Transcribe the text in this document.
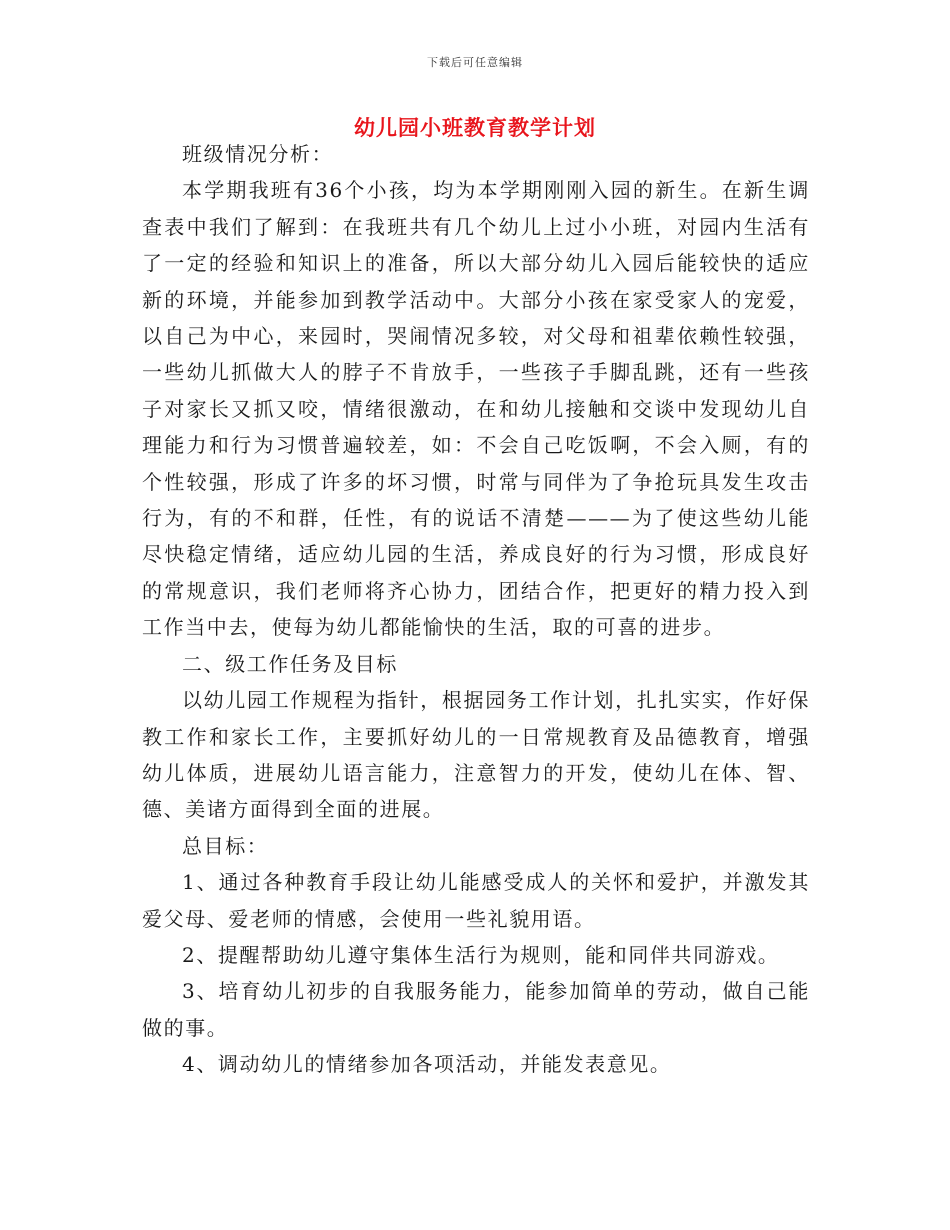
下载后可任意编辑
幼儿园小班教育教学计划

班级情况分析：

本学期我班有36个小孩，均为本学期刚刚入园的新生。在新生调查表中我们了解到：在我班共有几个幼儿上过小小班，对园内生活有了一定的经验和知识上的准备，所以大部分幼儿入园后能较快的适应新的环境，并能参加到教学活动中。大部分小孩在家受家人的宠爱，以自己为中心，来园时，哭闹情况多较，对父母和祖辈依赖性较强，一些幼儿抓做大人的脖子不肯放手，一些孩子手脚乱跳，还有一些孩子对家长又抓又咬，情绪很激动，在和幼儿接触和交谈中发现幼儿自理能力和行为习惯普遍较差，如：不会自己吃饭啊，不会入厕，有的个性较强，形成了许多的坏习惯，时常与同伴为了争抢玩具发生攻击行为，有的不和群，任性，有的说话不清楚———为了使这些幼儿能尽快稳定情绪，适应幼儿园的生活，养成良好的行为习惯，形成良好的常规意识，我们老师将齐心协力，团结合作，把更好的精力投入到工作当中去，使每为幼儿都能愉快的生活，取的可喜的进步。

二、级工作任务及目标

以幼儿园工作规程为指针，根据园务工作计划，扎扎实实，作好保教工作和家长工作，主要抓好幼儿的一日常规教育及品德教育，增强幼儿体质，进展幼儿语言能力，注意智力的开发，使幼儿在体、智、德、美诸方面得到全面的进展。

总目标：

1、通过各种教育手段让幼儿能感受成人的关怀和爱护，并激发其爱父母、爱老师的情感，会使用一些礼貌用语。

2、提醒帮助幼儿遵守集体生活行为规则，能和同伴共同游戏。

3、培育幼儿初步的自我服务能力，能参加简单的劳动，做自己能做的事。

4、调动幼儿的情绪参加各项活动，并能发表意见。
